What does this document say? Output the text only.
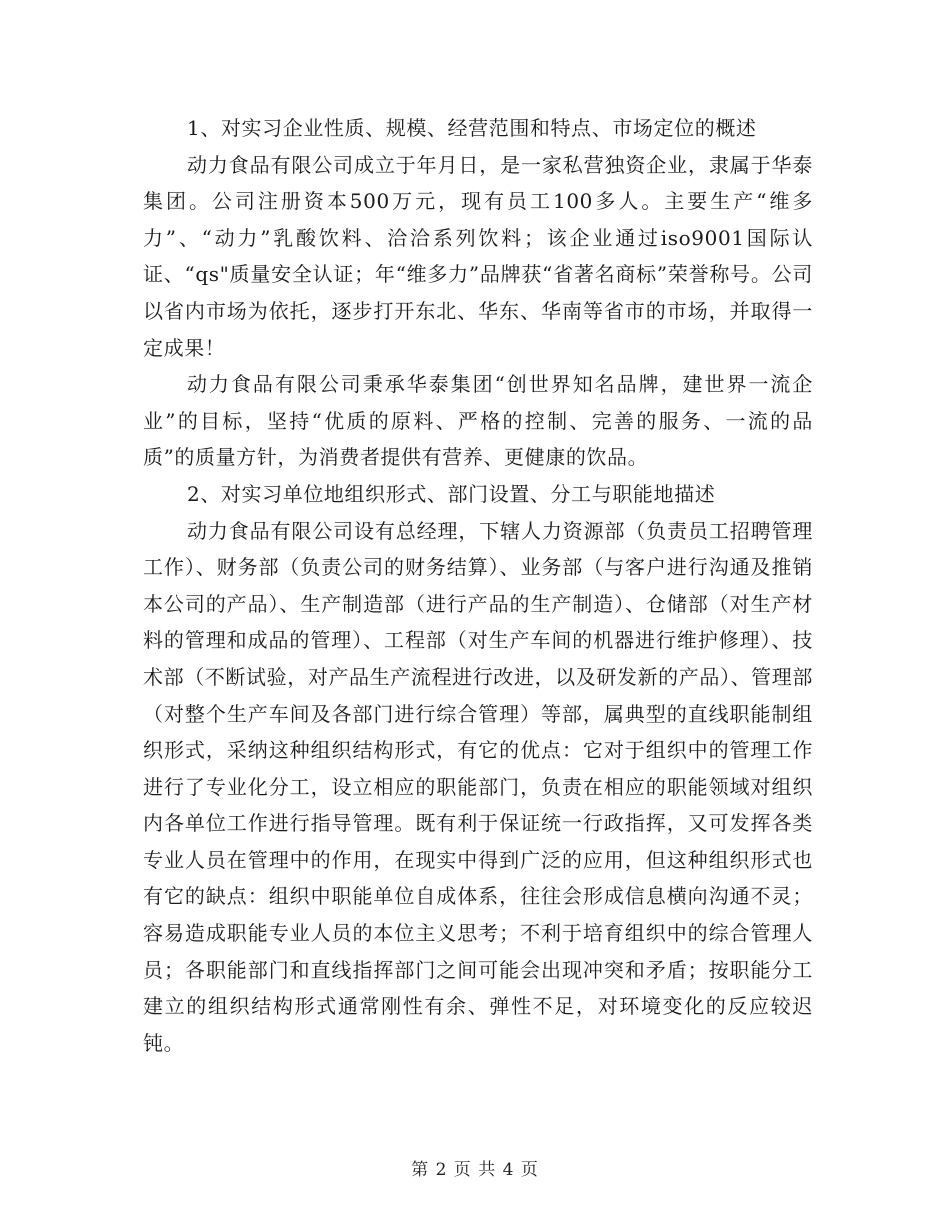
1、对实习企业性质、规模、经营范围和特点、市场定位的概述

动力食品有限公司成立于年月日，是一家私营独资企业，隶属于华泰集团。公司注册资本500万元，现有员工100多人。主要生产“维多力”、“动力”乳酸饮料、洽洽系列饮料；该企业通过iso9001国际认证、“qs"质量安全认证；年“维多力”品牌获“省著名商标”荣誉称号。公司以省内市场为依托，逐步打开东北、华东、华南等省市的市场，并取得一定成果！

动力食品有限公司秉承华泰集团“创世界知名品牌，建世界一流企业”的目标，坚持“优质的原料、严格的控制、完善的服务、一流的品质”的质量方针，为消费者提供有营养、更健康的饮品。

2、对实习单位地组织形式、部门设置、分工与职能地描述

动力食品有限公司设有总经理，下辖人力资源部（负责员工招聘管理工作）、财务部（负责公司的财务结算）、业务部（与客户进行沟通及推销本公司的产品）、生产制造部（进行产品的生产制造）、仓储部（对生产材料的管理和成品的管理）、工程部（对生产车间的机器进行维护修理）、技术部（不断试验，对产品生产流程进行改进，以及研发新的产品）、管理部（对整个生产车间及各部门进行综合管理）等部，属典型的直线职能制组织形式，采纳这种组织结构形式，有它的优点：它对于组织中的管理工作进行了专业化分工，设立相应的职能部门，负责在相应的职能领域对组织内各单位工作进行指导管理。既有利于保证统一行政指挥，又可发挥各类专业人员在管理中的作用，在现实中得到广泛的应用，但这种组织形式也有它的缺点：组织中职能单位自成体系，往往会形成信息横向沟通不灵；容易造成职能专业人员的本位主义思考；不利于培育组织中的综合管理人员；各职能部门和直线指挥部门之间可能会出现冲突和矛盾；按职能分工建立的组织结构形式通常刚性有余、弹性不足，对环境变化的反应较迟钝。

第 2 页 共 4 页
